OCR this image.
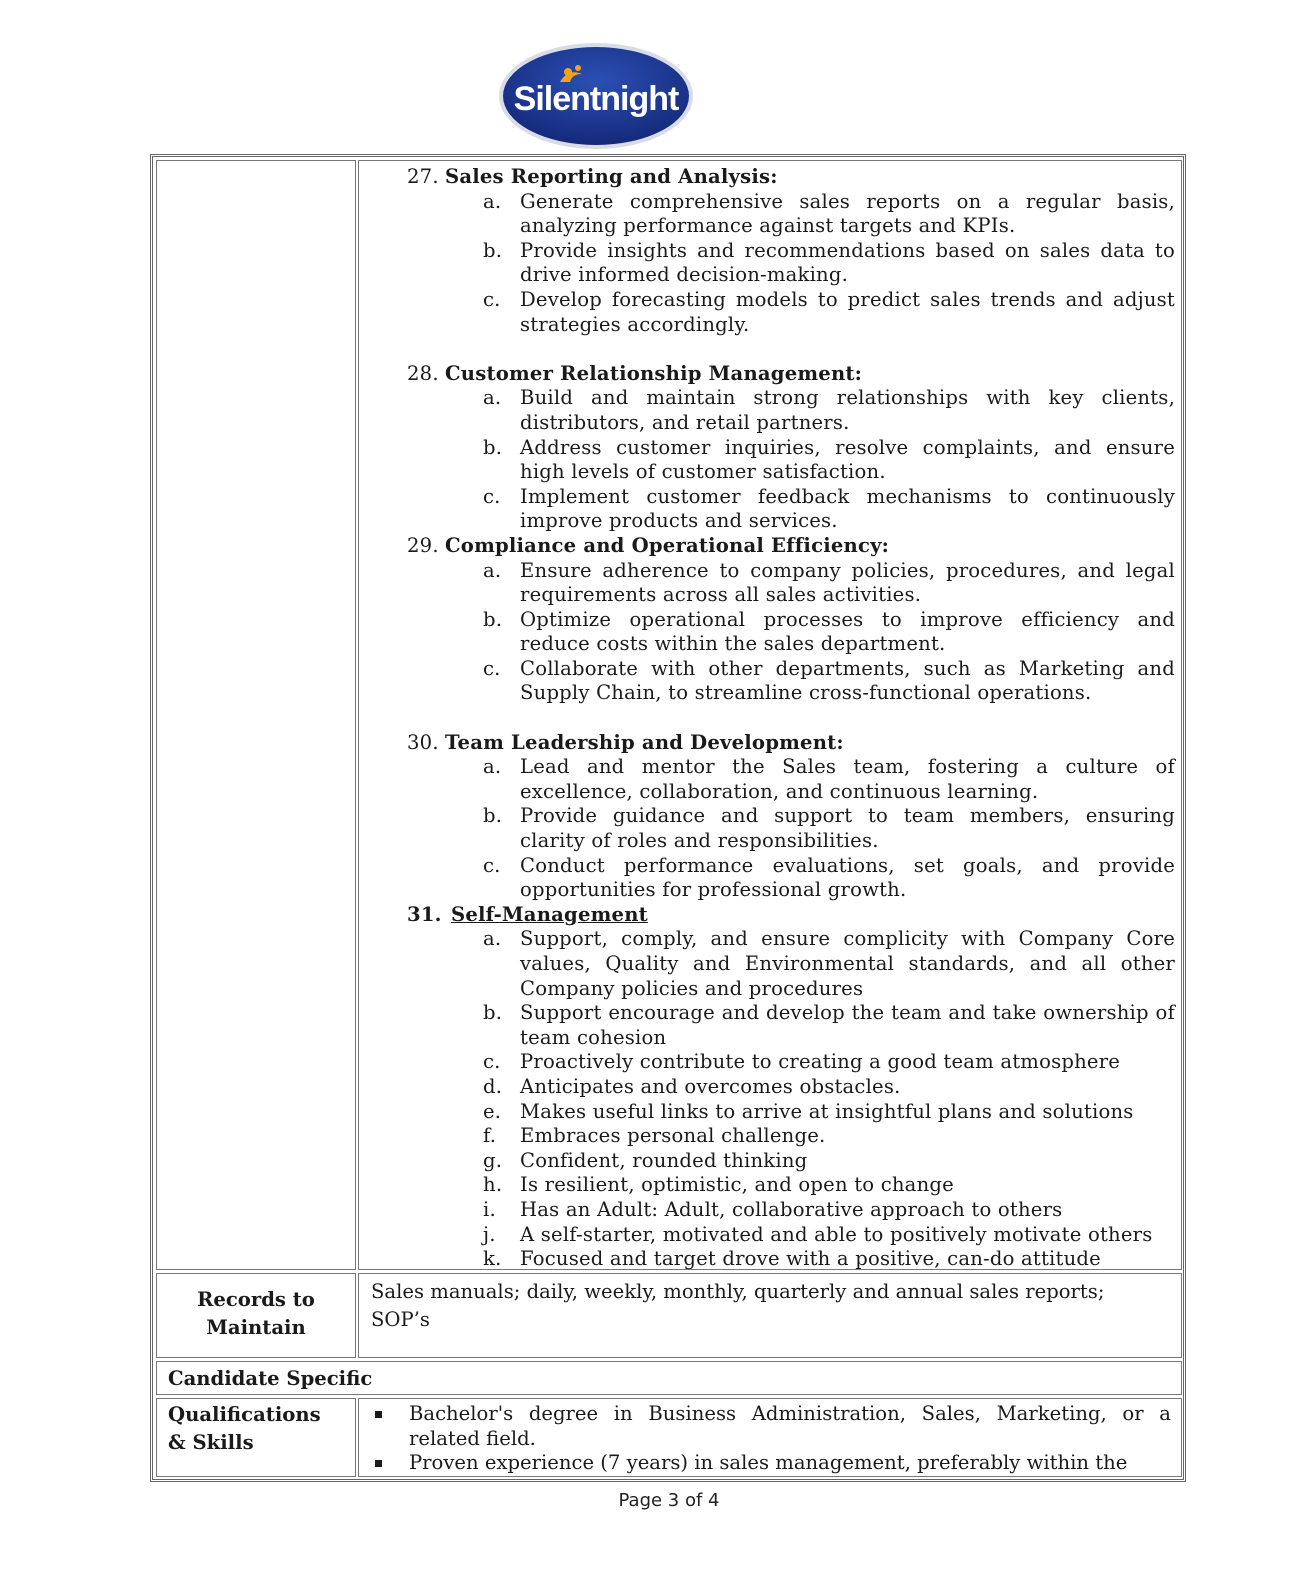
Silentnight
27. Sales Reporting and Analysis:
a. Generate comprehensive sales reports on a regular basis, analyzing performance against targets and KPIs.
b. Provide insights and recommendations based on sales data to drive informed decision-making.
c. Develop forecasting models to predict sales trends and adjust strategies accordingly.
28. Customer Relationship Management:
a. Build and maintain strong relationships with key clients, distributors, and retail partners.
b. Address customer inquiries, resolve complaints, and ensure high levels of customer satisfaction.
c. Implement customer feedback mechanisms to continuously improve products and services.
29. Compliance and Operational Efficiency:
a. Ensure adherence to company policies, procedures, and legal requirements across all sales activities.
b. Optimize operational processes to improve efficiency and reduce costs within the sales department.
c. Collaborate with other departments, such as Marketing and Supply Chain, to streamline cross-functional operations.
30. Team Leadership and Development:
a. Lead and mentor the Sales team, fostering a culture of excellence, collaboration, and continuous learning.
b. Provide guidance and support to team members, ensuring clarity of roles and responsibilities.
c. Conduct performance evaluations, set goals, and provide opportunities for professional growth.
31. Self-Management
a. Support, comply, and ensure complicity with Company Core values, Quality and Environmental standards, and all other Company policies and procedures
b. Support encourage and develop the team and take ownership of team cohesion
c. Proactively contribute to creating a good team atmosphere
d. Anticipates and overcomes obstacles.
e. Makes useful links to arrive at insightful plans and solutions
f. Embraces personal challenge.
g. Confident, rounded thinking
h. Is resilient, optimistic, and open to change
i. Has an Adult: Adult, collaborative approach to others
j. A self-starter, motivated and able to positively motivate others
k. Focused and target drove with a positive, can-do attitude
Records to
Maintain
Sales manuals; daily, weekly, monthly, quarterly and annual sales reports; SOP’s
Candidate Specific
Qualifications
& Skills
Bachelor's degree in Business Administration, Sales, Marketing, or a related field.
Proven experience (7 years) in sales management, preferably within the
Page 3 of 4
